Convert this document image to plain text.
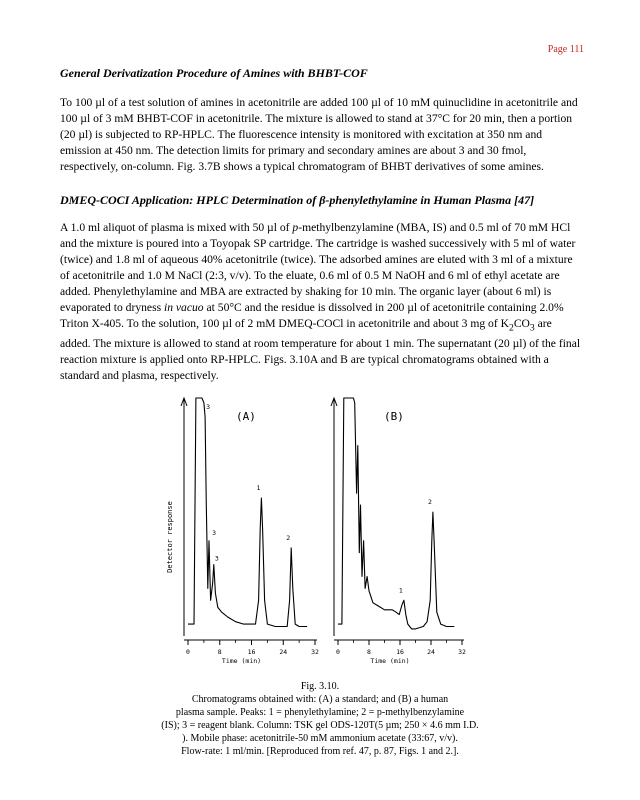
Page 111
General Derivatization Procedure of Amines with BHBT-COF

To 100 µl of a test solution of amines in acetonitrile are added 100 µl of 10 mM quinuclidine in acetonitrile and 100 µl of 3 mM BHBT-COF in acetonitrile. The mixture is allowed to stand at 37°C for 20 min, then a portion (20 µl) is subjected to RP-HPLC. The fluorescence intensity is monitored with excitation at 350 nm and emission at 450 nm. The detection limits for primary and secondary amines are about 3 and 30 fmol, respectively, on-column. Fig. 3.7B shows a typical chromatogram of BHBT derivatives of some amines.

DMEQ-COCI Application: HPLC Determination of β-phenylethylamine in Human Plasma [47]

A 1.0 ml aliquot of plasma is mixed with 50 µl of p-methylbenzylamine (MBA, IS) and 0.5 ml of 70 mM HCl and the mixture is poured into a Toyopak SP cartridge. The cartridge is washed successively with 5 ml of water (twice) and 1.8 ml of aqueous 40% acetonitrile (twice). The adsorbed amines are eluted with 3 ml of a mixture of acetonitrile and 1.0 M NaCl (2:3, v/v). To the eluate, 0.6 ml of 0.5 M NaOH and 6 ml of ethyl acetate are added. Phenylethylamine and MBA are extracted by shaking for 10 min. The organic layer (about 6 ml) is evaporated to dryness in vacuo at 50°C and the residue is dissolved in 200 µl of acetonitrile containing 2.0% Triton X-405. To the solution, 100 µl of 2 mM DMEQ-COCl in acetonitrile and about 3 mg of $K_2CO_3$ are added. The mixture is allowed to stand at room temperature for about 1 min. The supernatant (20 µl) of the final reaction mixture is applied onto RP-HPLC. Figs. 3.10A and B are typical chromatograms obtained with a standard and plasma, respectively.

0	8	16	24	32
Time (min)
Detector response
(A)
3
3
3
1
2
0	8	16	24	32
Time (min)
(B)
1
2
Fig. 3.10.
Chromatograms obtained with: (A) a standard; and (B) a human
plasma sample. Peaks: 1 = phenylethylamine; 2 = p-methylbenzylamine
(IS); 3 = reagent blank. Column: TSK gel ODS-120T(5 µm; 250 × 4.6 mm I.D.
). Mobile phase: acetonitrile-50 mM ammonium acetate (33:67, v/v).
Flow-rate: 1 ml/min. [Reproduced from ref. 47, p. 87, Figs. 1 and 2.].
